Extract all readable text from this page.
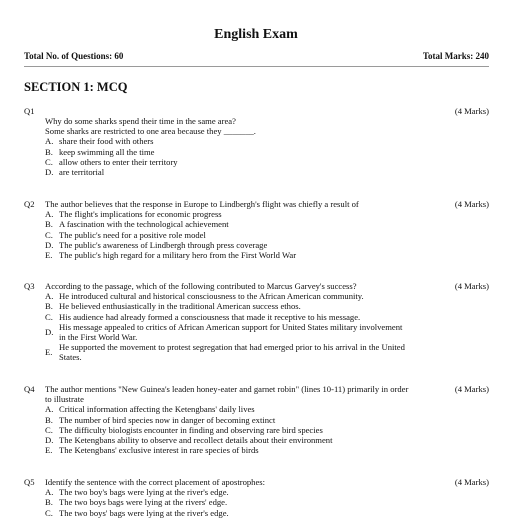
English Exam
Total No. of Questions: 60	Total Marks: 240
SECTION 1: MCQ
Q1	(4 Marks)
Why do some sharks spend their time in the same area?
Some sharks are restricted to one area because they _______.
A. share their food with others
B. keep swimming all the time
C. allow others to enter their territory
D. are territorial
Q2	(4 Marks)
The author believes that the response in Europe to Lindbergh's flight was chiefly a result of
A. The flight's implications for economic progress
B. A fascination with the technological achievement
C. The public's need for a positive role model
D. The public's awareness of Lindbergh through press coverage
E. The public's high regard for a military hero from the First World War
Q3	(4 Marks)
According to the passage, which of the following contributed to Marcus Garvey's success?
A. He introduced cultural and historical consciousness to the African American community.
B. He believed enthusiastically in the traditional American success ethos.
C. His audience had already formed a consciousness that made it receptive to his message.
D.
His message appealed to critics of African American support for United States military involvement in the First World War.
E.
He supported the movement to protest segregation that had emerged prior to his arrival in the United States.
Q4	(4 Marks)
The author mentions "New Guinea's leaden honey-eater and garnet robin" (lines 10-11) primarily in order to illustrate
A. Critical information affecting the Ketengbans' daily lives
B. The number of bird species now in danger of becoming extinct
C. The difficulty biologists encounter in finding and observing rare bird species
D. The Ketengbans ability to observe and recollect details about their environment
E. The Ketengbans' exclusive interest in rare species of birds
Q5	(4 Marks)
Identify the sentence with the correct placement of apostrophes:
A. The two boy's bags were lying at the river's edge.
B. The two boys bags were lying at the rivers' edge.
C. The two boys' bags were lying at the river's edge.
